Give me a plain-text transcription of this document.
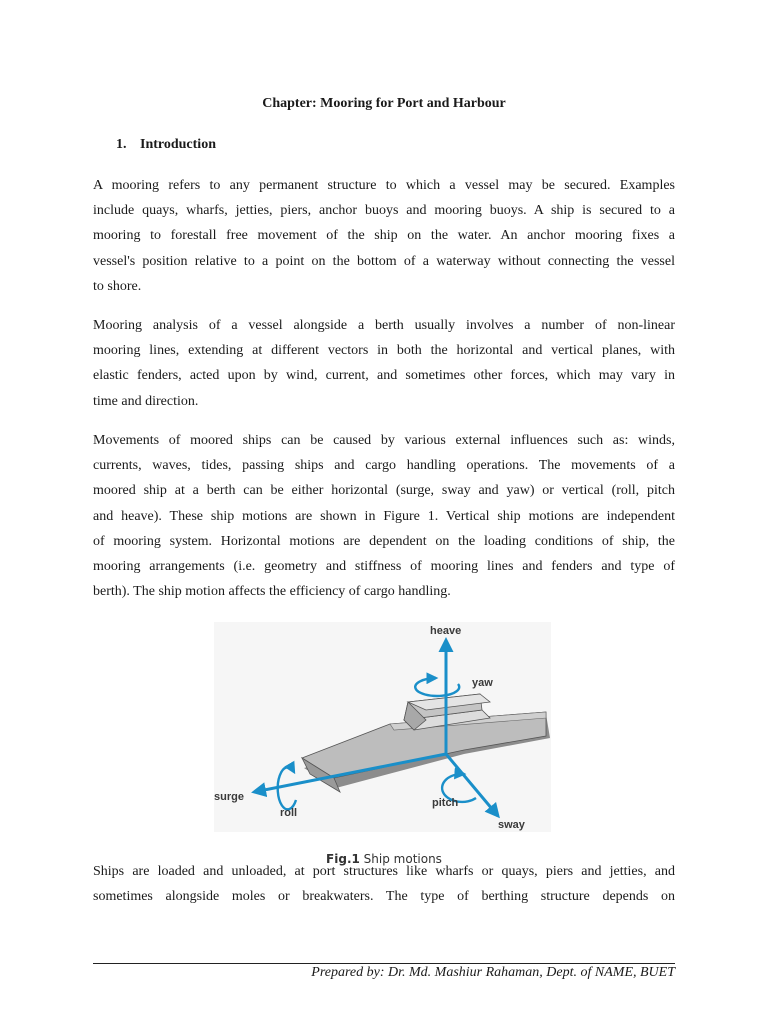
Chapter: Mooring for Port and Harbour
1. Introduction
A mooring refers to any permanent structure to which a vessel may be secured. Examples
include quays, wharfs, jetties, piers, anchor buoys and mooring buoys. A ship is secured to a
mooring to forestall free movement of the ship on the water. An anchor mooring fixes a
vessel's position relative to a point on the bottom of a waterway without connecting the vessel
to shore.
Mooring analysis of a vessel alongside a berth usually involves a number of non-linear
mooring lines, extending at different vectors in both the horizontal and vertical planes, with
elastic fenders, acted upon by wind, current, and sometimes other forces, which may vary in
time and direction.
Movements of moored ships can be caused by various external influences such as: winds,
currents, waves, tides, passing ships and cargo handling operations. The movements of a
moored ship at a berth can be either horizontal (surge, sway and yaw) or vertical (roll, pitch
and heave). These ship motions are shown in Figure 1. Vertical ship motions are independent
of mooring system. Horizontal motions are dependent on the loading conditions of ship, the
mooring arrangements (i.e. geometry and stiffness of mooring lines and fenders and type of
berth). The ship motion affects the efficiency of cargo handling.
heave
yaw
surge
roll
pitch
sway
Fig.1 Ship motions
Ships are loaded and unloaded, at port structures like wharfs or quays, piers and jetties, and
sometimes alongside moles or breakwaters. The type of berthing structure depends on
Prepared by: Dr. Md. Mashiur Rahaman, Dept. of NAME, BUET
